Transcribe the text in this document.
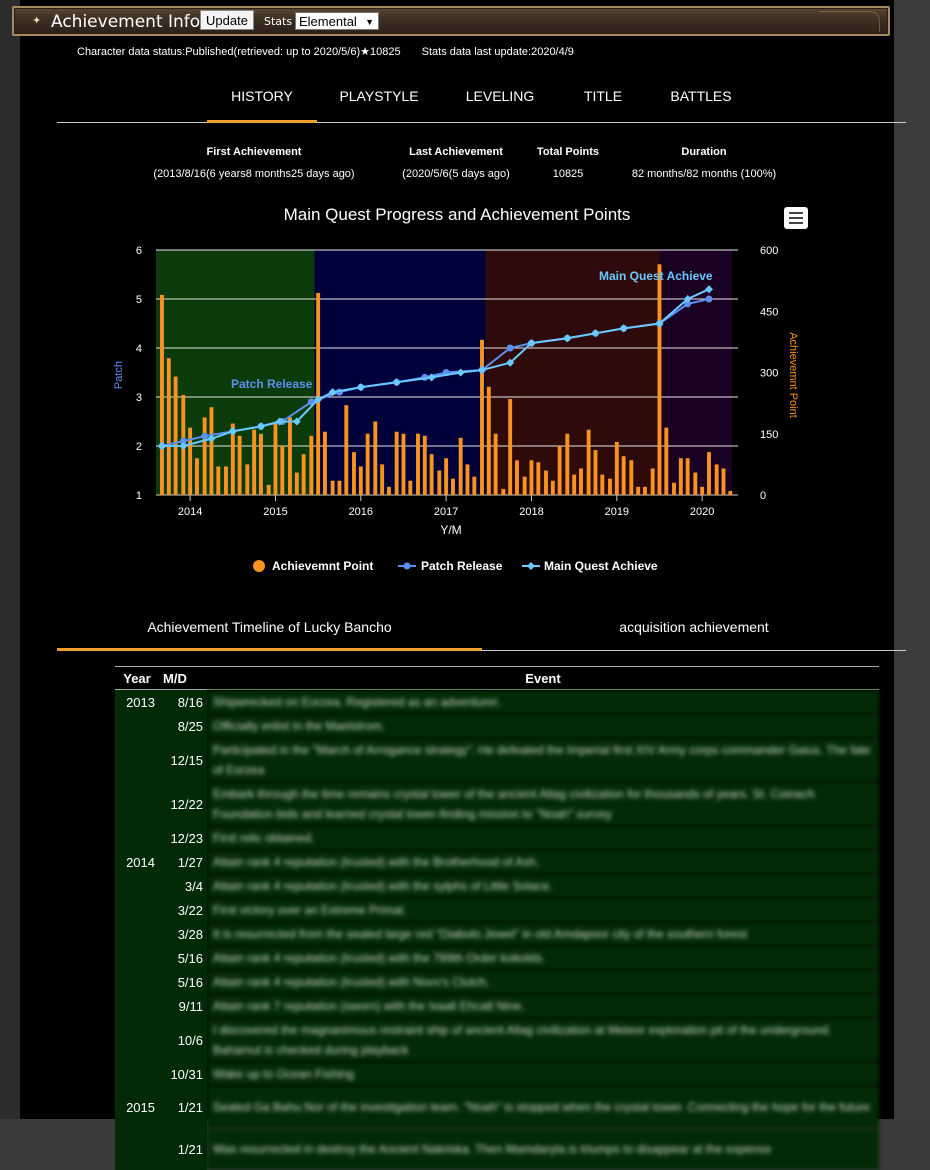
Character data status:Published(retrieved: up to 2020/5/6)★10825 Stats data last update:2020/4/9
HISTORY	PLAYSTYLE	LEVELING	TITLE	BATTLES
First Achievement
(2013/8/16(6 years8 months25 days ago)
Last Achievement
(2020/5/6(5 days ago)
Total Points
10825
Duration
82 months/82 months (100%)
Main Quest Progress and Achievement Points
1
2
3
4
5
6
0
150
300
450
600
2014	2015	2016	2017	2018	2019	2020
Patch Release
Main Quest Achieve
Patch	Achievemnt Point
Y/M
Achievemnt Point	Patch Release	Main Quest Achieve
Achievement Timeline of Lucky Bancho	acquisition achievement
Year	M/D	Event
2013	8/16	Shipwrecked on Eorzea. Registered as an adventurer.
	8/25	Officially enlist in the Maelstrom.
	12/15	Participated in the "March of Arrogance strategy". He defeated the Imperial first XIV Army corps commander Gaius. The fate of Eorzea
	12/22	Embark through the time remains crystal tower of the ancient Allag civilization for thousands of years. St. Coinach Foundation bids and learned crystal tower-finding mission to "Noah" survey
	12/23	First relic obtained.
2014	1/27	Attain rank 4 reputation (trusted) with the Brotherhood of Ash.
	3/4	Attain rank 4 reputation (trusted) with the sylphs of Little Solace.
	3/22	First victory over an Extreme Primal.
	3/28	It is resurrected from the sealed large red "Diabolo Jewel" in old Amdapoor city of the southern forest
	5/16	Attain rank 4 reputation (trusted) with the 789th Order kobolds.
	5/16	Attain rank 4 reputation (trusted) with Novv's Clutch.
	9/11	Attain rank 7 reputation (sworn) with the Ixaali Ehcatl Nine.
	10/6	I discovered the magnanimous restraint ship of ancient Allag civilization at Meteor exploration pit of the underground. Bahamut is checked during playback
	10/31	Wake up to Ocean Fishing
2015	1/21	Sealed Ga Bahu Nor of the investigation team. "Noah" is stopped when the crystal tower. Connecting the hope for the future
	1/21	Was resurrected in destroy the Ancient Nakriska. Then Mamdaryla is triumps to disappear at the expense
✦ Achievement Info Update	Stats Elemental ▼
